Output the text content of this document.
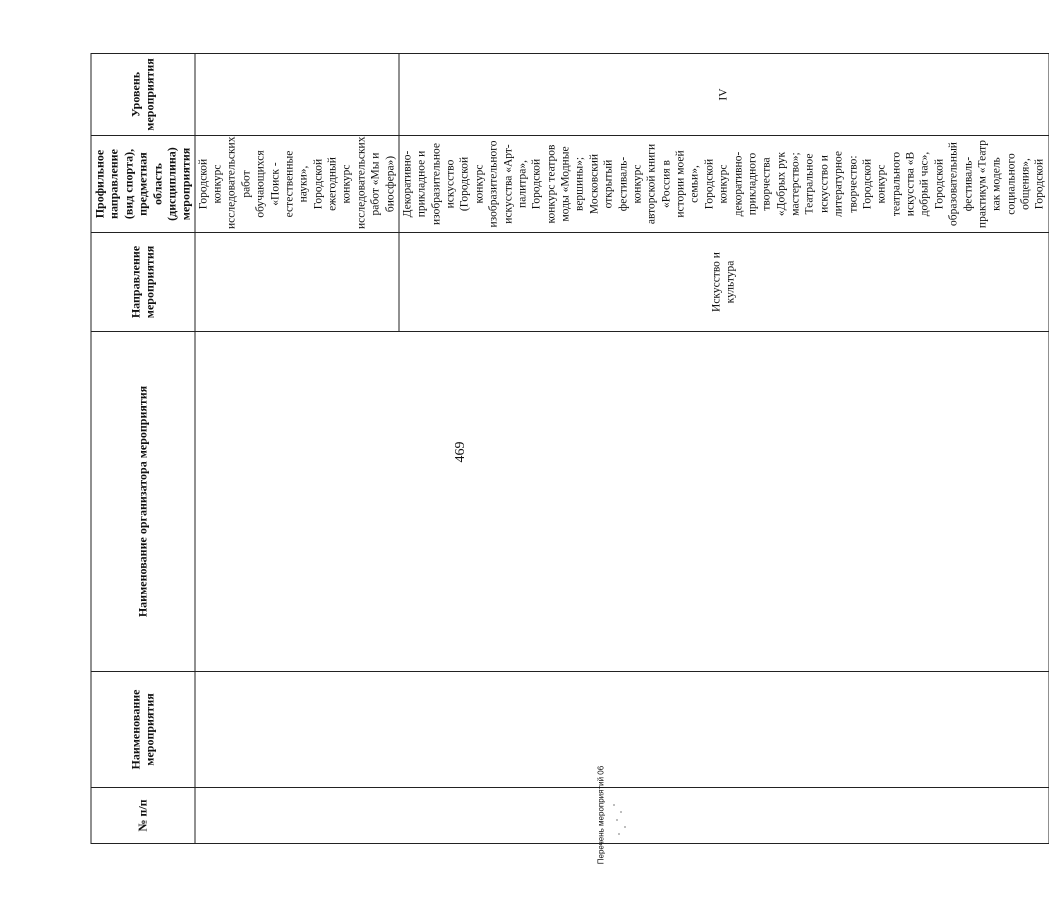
469
№ п/п	Наименование мероприятия	Наименование организатора мероприятия	Направление мероприятия	Профильное направление (вид спорта), предметная область (дисциплина) мероприятия	Уровень мероприятия
				Городской конкурс исследовательских работ обучающихся «Поиск - естественные науки», Городской ежегодный конкурс исследовательских работ «Мы и биосфера»)	
			Искусство и культура	Декоративно-прикладное и изобразительное искусство (Городской конкурс изобразительного искусства «Арт-палитра», Городской конкурс театров моды «Модные вершины»; Московский открытый фестиваль-конкурс авторской книги «Россия в истории моей семьи», Городской конкурс декоративно-прикладного творчества «Добрых рук мастерство»; Театральное искусство и литературное творчество: Городской конкурс театрального искусства «В добрый час», Городской образовательный фестиваль-практикум «Театр как модель социального общения», Городской	IV
Перечень мероприятий 06
